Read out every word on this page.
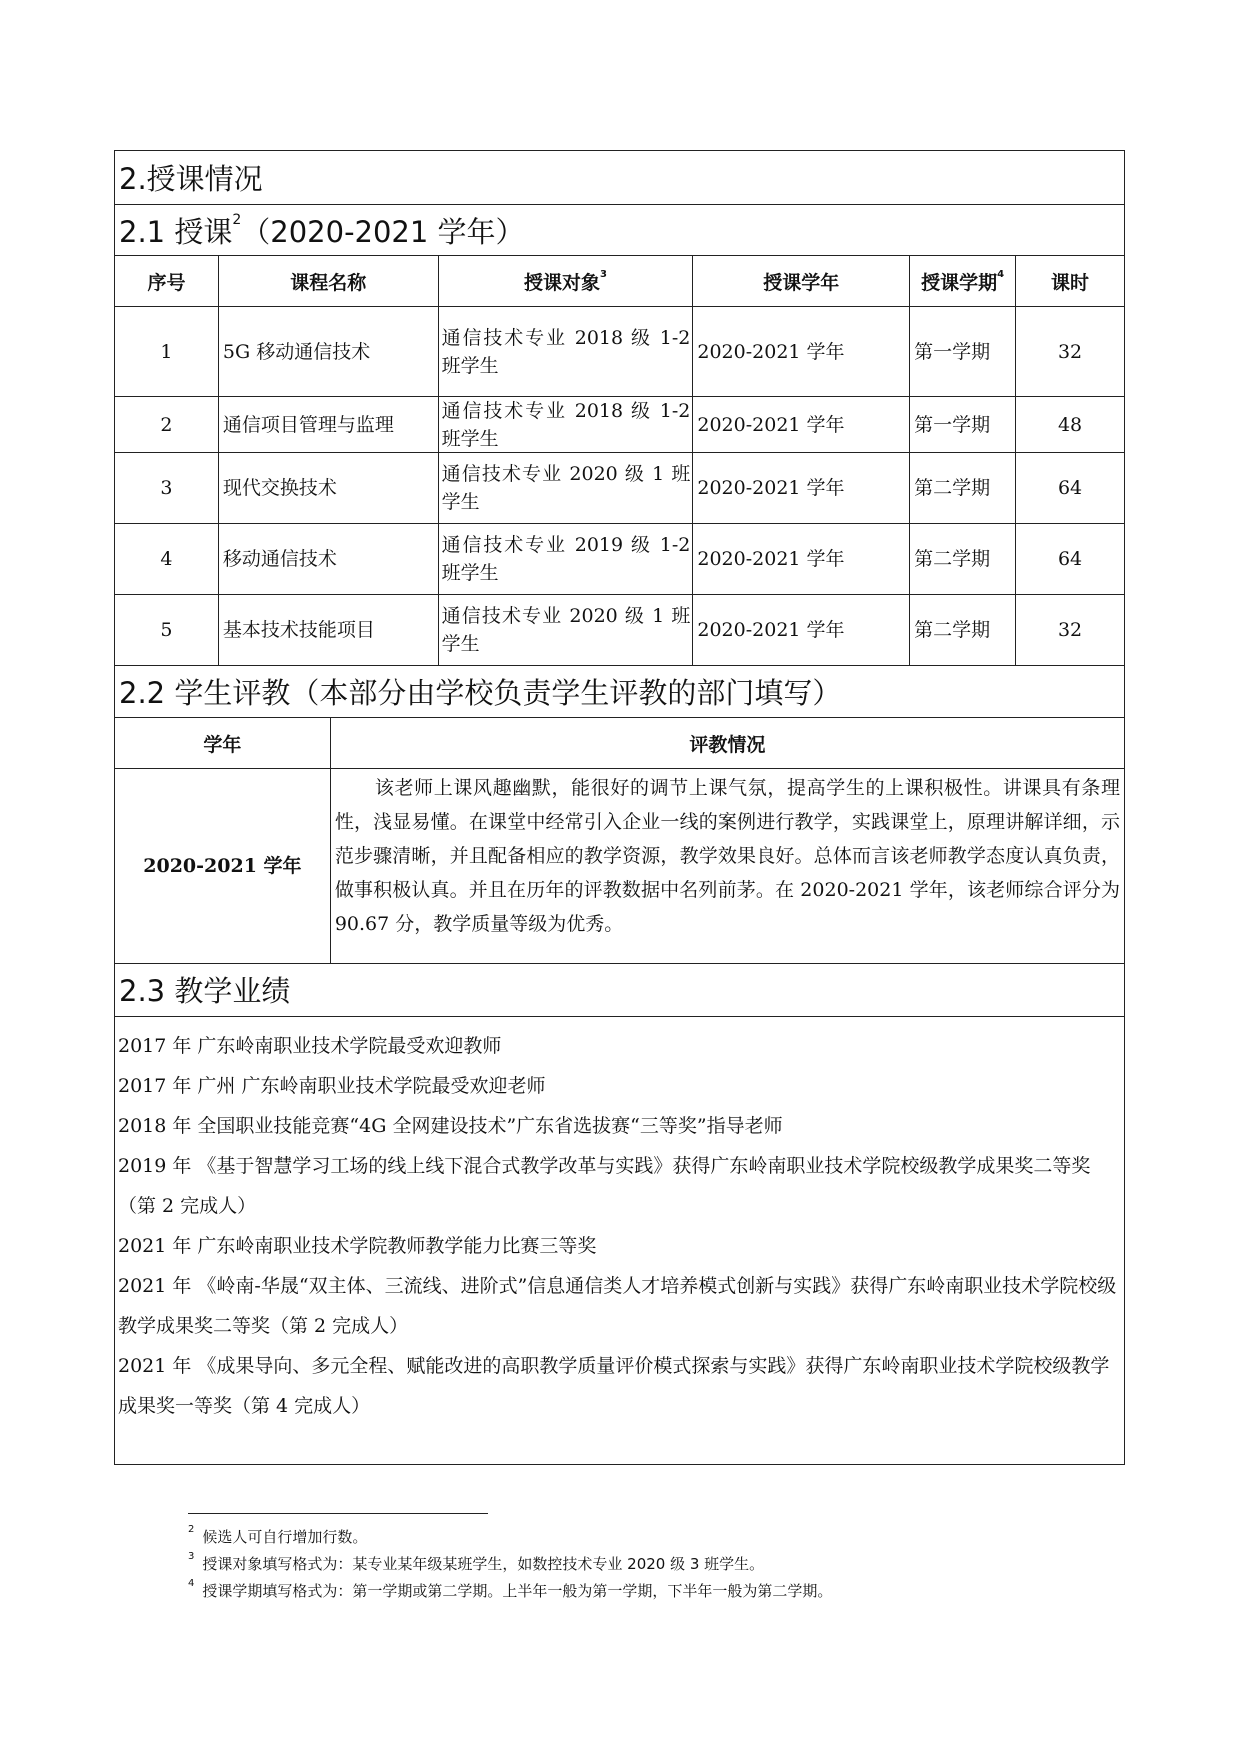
2.授课情况
2.1 授课$^2$ （2020-2021 学年）
序号	课程名称	授课对象$^3$	授课学年	授课学期$^4$	课时
1	5G 移动通信技术	通信技术专业 2018 级 1-2 班学生	2020-2021 学年	第一学期	32
2	通信项目管理与监理	通信技术专业 2018 级 1-2 班学生	2020-2021 学年	第一学期	48
3	现代交换技术	通信技术专业 2020 级 1 班学生	2020-2021 学年	第二学期	64
4	移动通信技术	通信技术专业 2019 级 1-2 班学生	2020-2021 学年	第二学期	64
5	基本技术技能项目	通信技术专业 2020 级 1 班学生	2020-2021 学年	第二学期	32
2.2 学生评教（本部分由学校负责学生评教的部门填写）
学年	评教情况
2020-2021 学年	该老师上课风趣幽默，能很好的调节上课气氛，提高学生的上课积极性。讲课具有条理性，浅显易懂。在课堂中经常引入企业一线的案例进行教学，实践课堂上，原理讲解详细，示范步骤清晰，并且配备相应的教学资源，教学效果良好。总体而言该老师教学态度认真负责，做事积极认真。并且在历年的评教数据中名列前茅。在 2020-2021 学年，该老师综合评分为 90.67 分，教学质量等级为优秀。
2.3 教学业绩

2017 年 广东岭南职业技术学院最受欢迎教师

2017 年 广州 广东岭南职业技术学院最受欢迎老师

2018 年 全国职业技能竞赛“4G 全网建设技术”广东省选拔赛“三等奖”指导老师

2019 年 《基于智慧学习工场的线上线下混合式教学改革与实践》获得广东岭南职业技术学院校级教学成果奖二等奖（第 2 完成人）

2021 年 广东岭南职业技术学院教师教学能力比赛三等奖

2021 年 《岭南-华晟“双主体、三流线、进阶式”信息通信类人才培养模式创新与实践》获得广东岭南职业技术学院校级教学成果奖二等奖（第 2 完成人）

2021 年 《成果导向、多元全程、赋能改进的高职教学质量评价模式探索与实践》获得广东岭南职业技术学院校级教学成果奖一等奖（第 4 完成人）

$^2$ 候选人可自行增加行数。
$^3$ 授课对象填写格式为：某专业某年级某班学生，如数控技术专业 2020 级 3 班学生。
$^4$ 授课学期填写格式为：第一学期或第二学期。上半年一般为第一学期，下半年一般为第二学期。
